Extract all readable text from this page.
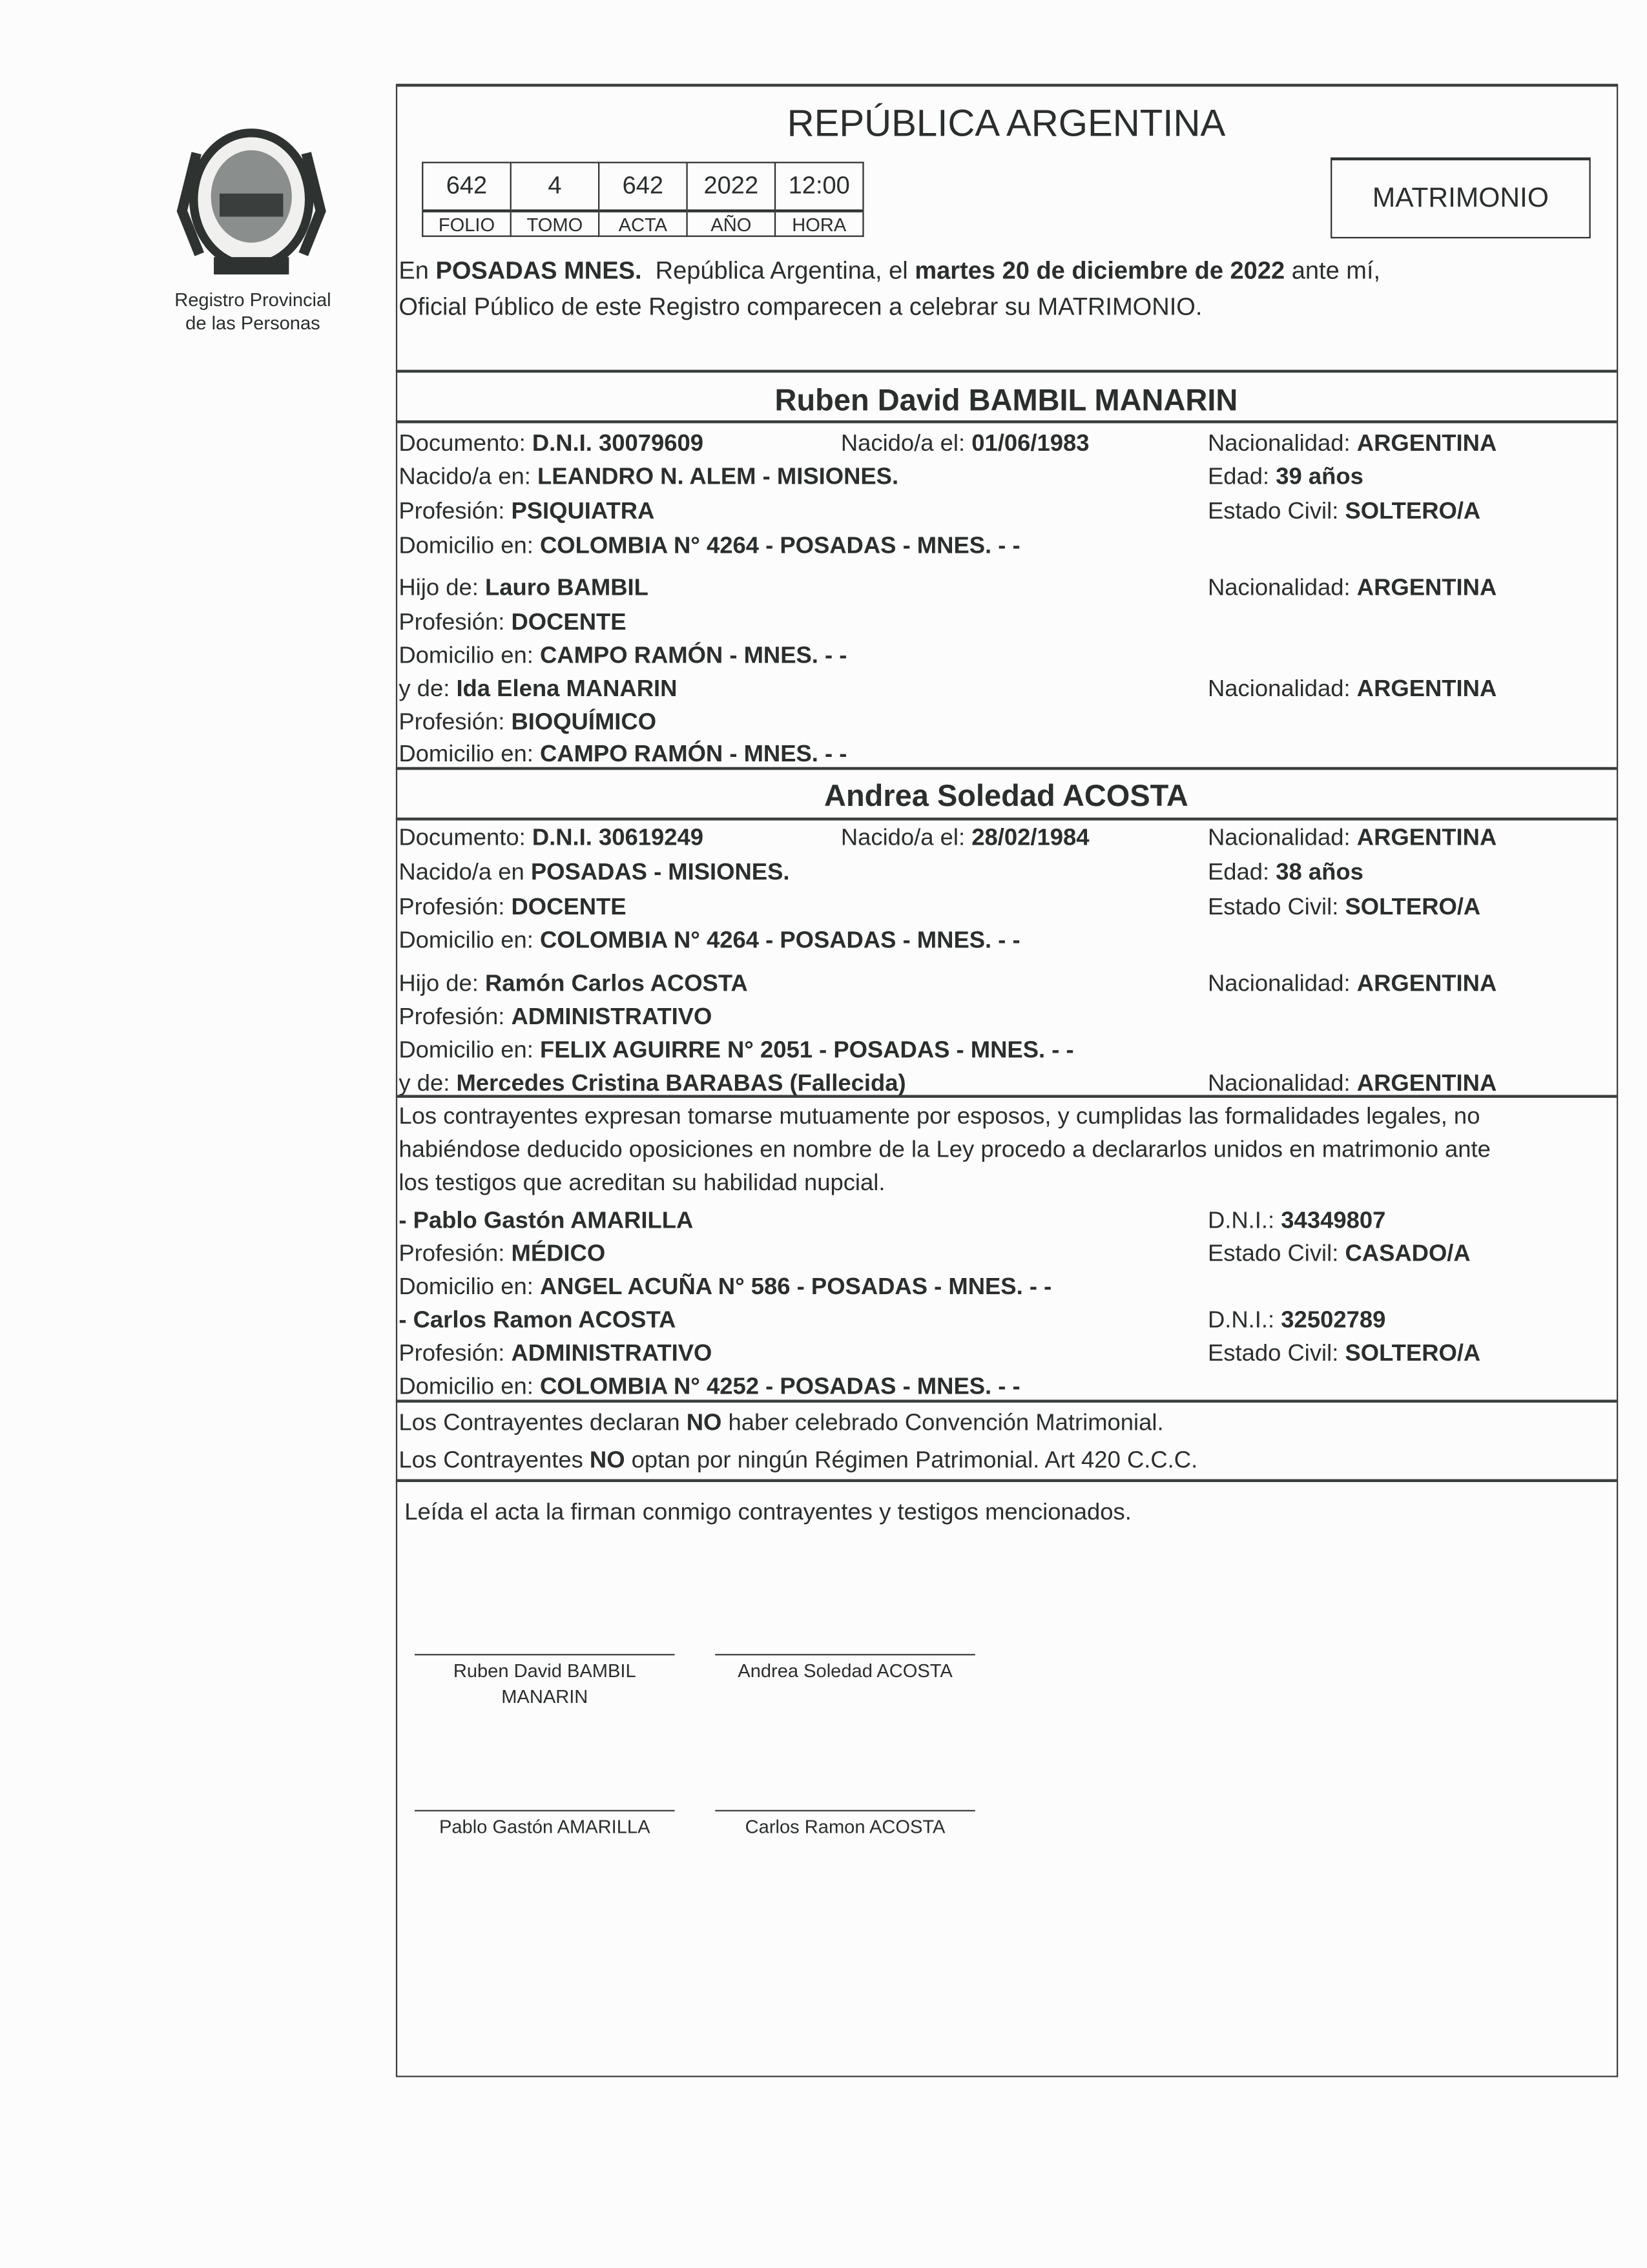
Registro Provincial
de las Personas
REPÚBLICA ARGENTINA
642	4	642	2022	12:00
FOLIO	TOMO	ACTA	AÑO	HORA
MATRIMONIO
En POSADAS MNES.  República Argentina, el martes 20 de diciembre de 2022 ante mí,
Oficial Público de este Registro comparecen a celebrar su MATRIMONIO.
Ruben David BAMBIL MANARIN
Documento: D.N.I. 30079609	Nacido/a el: 01/06/1983	Nacionalidad: ARGENTINA
Nacido/a en: LEANDRO N. ALEM - MISIONES.	Edad: 39 años
Profesión: PSIQUIATRA	Estado Civil: SOLTERO/A
Domicilio en: COLOMBIA N° 4264 - POSADAS - MNES. - -
Hijo de: Lauro BAMBIL	Nacionalidad: ARGENTINA
Profesión: DOCENTE
Domicilio en: CAMPO RAMÓN - MNES. - -
y de: Ida Elena MANARIN	Nacionalidad: ARGENTINA
Profesión: BIOQUÍMICO
Domicilio en: CAMPO RAMÓN - MNES. - -
Andrea Soledad ACOSTA
Documento: D.N.I. 30619249	Nacido/a el: 28/02/1984	Nacionalidad: ARGENTINA
Nacido/a en POSADAS - MISIONES.	Edad: 38 años
Profesión: DOCENTE	Estado Civil: SOLTERO/A
Domicilio en: COLOMBIA N° 4264 - POSADAS - MNES. - -
Hijo de: Ramón Carlos ACOSTA	Nacionalidad: ARGENTINA
Profesión: ADMINISTRATIVO
Domicilio en: FELIX AGUIRRE N° 2051 - POSADAS - MNES. - -
y de: Mercedes Cristina BARABAS (Fallecida)	Nacionalidad: ARGENTINA
Los contrayentes expresan tomarse mutuamente por esposos, y cumplidas las formalidades legales, no
habiéndose deducido oposiciones en nombre de la Ley procedo a declararlos unidos en matrimonio ante
los testigos que acreditan su habilidad nupcial.
- Pablo Gastón AMARILLA	D.N.I.: 34349807
Profesión: MÉDICO	Estado Civil: CASADO/A
Domicilio en: ANGEL ACUÑA N° 586 - POSADAS - MNES. - -
- Carlos Ramon ACOSTA	D.N.I.: 32502789
Profesión: ADMINISTRATIVO	Estado Civil: SOLTERO/A
Domicilio en: COLOMBIA N° 4252 - POSADAS - MNES. - -
Los Contrayentes declaran NO haber celebrado Convención Matrimonial.
Los Contrayentes NO optan por ningún Régimen Patrimonial. Art 420 C.C.C.
Leída el acta la firman conmigo contrayentes y testigos mencionados.
Ruben David BAMBIL MANARIN
Andrea Soledad ACOSTA
Pablo Gastón AMARILLA	Carlos Ramon ACOSTA
